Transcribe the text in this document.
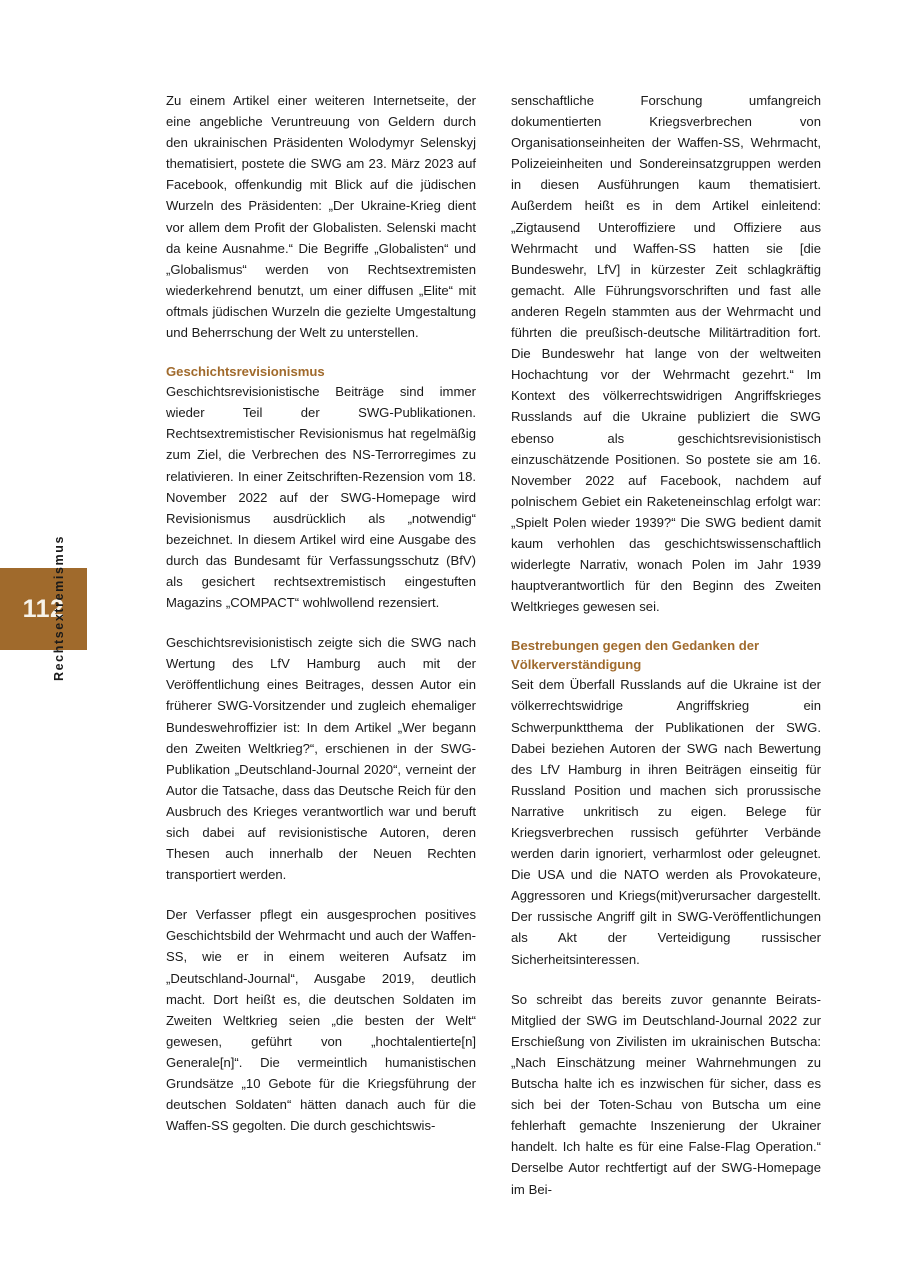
112
Rechtsextremismus

Zu einem Artikel einer weiteren Internetseite, der eine angebliche Veruntreuung von Geldern durch den ukrainischen Präsidenten Wolodymyr Selenskyj thematisiert, postete die SWG am 23. März 2023 auf Facebook, offenkundig mit Blick auf die jüdischen Wurzeln des Präsidenten: „Der Ukraine-Krieg dient vor allem dem Profit der Globalisten. Selenski macht da keine Ausnahme.“ Die Begriffe „Globalisten“ und „Globalismus“ werden von Rechtsextremisten wiederkehrend benutzt, um einer diffusen „Elite“ mit oftmals jüdischen Wurzeln die gezielte Umgestaltung und Beherrschung der Welt zu unterstellen.

Geschichtsrevisionismus

Geschichtsrevisionistische Beiträge sind immer wieder Teil der SWG-Publikationen. Rechtsextremistischer Revisionismus hat regelmäßig zum Ziel, die Verbrechen des NS-Terrorregimes zu relativieren. In einer Zeitschriften-Rezension vom 18. November 2022 auf der SWG-Homepage wird Revisionismus ausdrücklich als „notwendig“ bezeichnet. In diesem Artikel wird eine Ausgabe des durch das Bundesamt für Verfassungsschutz (BfV) als gesichert rechtsextremistisch eingestuften Magazins „COMPACT“ wohlwollend rezensiert.

Geschichtsrevisionistisch zeigte sich die SWG nach Wertung des LfV Hamburg auch mit der Veröffentlichung eines Beitrages, dessen Autor ein früherer SWG-Vorsitzender und zugleich ehemaliger Bundeswehroffizier ist: In dem Artikel „Wer begann den Zweiten Weltkrieg?“, erschienen in der SWG-Publikation „Deutschland-Journal 2020“, verneint der Autor die Tatsache, dass das Deutsche Reich für den Ausbruch des Krieges verantwortlich war und beruft sich dabei auf revisionistische Autoren, deren Thesen auch innerhalb der Neuen Rechten transportiert werden.

Der Verfasser pflegt ein ausgesprochen positives Geschichtsbild der Wehrmacht und auch der Waffen-SS, wie er in einem weiteren Aufsatz im „Deutschland-Journal“, Ausgabe 2019, deutlich macht. Dort heißt es, die deutschen Soldaten im Zweiten Weltkrieg seien „die besten der Welt“ gewesen, geführt von „hochtalentierte[n] Generale[n]“. Die vermeintlich humanistischen Grundsätze „10 Gebote für die Kriegsführung der deutschen Soldaten“ hätten danach auch für die Waffen-SS gegolten. Die durch geschichtswis-

senschaftliche Forschung umfangreich dokumentierten Kriegsverbrechen von Organisationseinheiten der Waffen-SS, Wehrmacht, Polizeieinheiten und Sondereinsatzgruppen werden in diesen Ausführungen kaum thematisiert. Außerdem heißt es in dem Artikel einleitend: „Zigtausend Unteroffiziere und Offiziere aus Wehrmacht und Waffen-SS hatten sie [die Bundeswehr, LfV] in kürzester Zeit schlagkräftig gemacht. Alle Führungsvorschriften und fast alle anderen Regeln stammten aus der Wehrmacht und führten die preußisch-deutsche Militärtradition fort. Die Bundeswehr hat lange von der weltweiten Hochachtung vor der Wehrmacht gezehrt.“ Im Kontext des völkerrechtswidrigen Angriffskrieges Russlands auf die Ukraine publiziert die SWG ebenso als geschichtsrevisionistisch einzuschätzende Positionen. So postete sie am 16. November 2022 auf Facebook, nachdem auf polnischem Gebiet ein Raketeneinschlag erfolgt war: „Spielt Polen wieder 1939?“ Die SWG bedient damit kaum verhohlen das geschichtswissenschaftlich widerlegte Narrativ, wonach Polen im Jahr 1939 hauptverantwortlich für den Beginn des Zweiten Weltkrieges gewesen sei.

Bestrebungen gegen den Gedanken der
Völkerverständigung

Seit dem Überfall Russlands auf die Ukraine ist der völkerrechtswidrige Angriffskrieg ein Schwerpunktthema der Publikationen der SWG. Dabei beziehen Autoren der SWG nach Bewertung des LfV Hamburg in ihren Beiträgen einseitig für Russland Position und machen sich prorussische Narrative unkritisch zu eigen. Belege für Kriegsverbrechen russisch geführter Verbände werden darin ignoriert, verharmlost oder geleugnet. Die USA und die NATO werden als Provokateure, Aggressoren und Kriegs(mit)verursacher dargestellt. Der russische Angriff gilt in SWG-Veröffentlichungen als Akt der Verteidigung russischer Sicherheitsinteressen.

So schreibt das bereits zuvor genannte Beirats-Mitglied der SWG im Deutschland-Journal 2022 zur Erschießung von Zivilisten im ukrainischen Butscha: „Nach Einschätzung meiner Wahrnehmungen zu Butscha halte ich es inzwischen für sicher, dass es sich bei der Toten-Schau von Butscha um eine fehlerhaft gemachte Inszenierung der Ukrainer handelt. Ich halte es für eine False-Flag Operation.“ Derselbe Autor rechtfertigt auf der SWG-Homepage im Bei-
